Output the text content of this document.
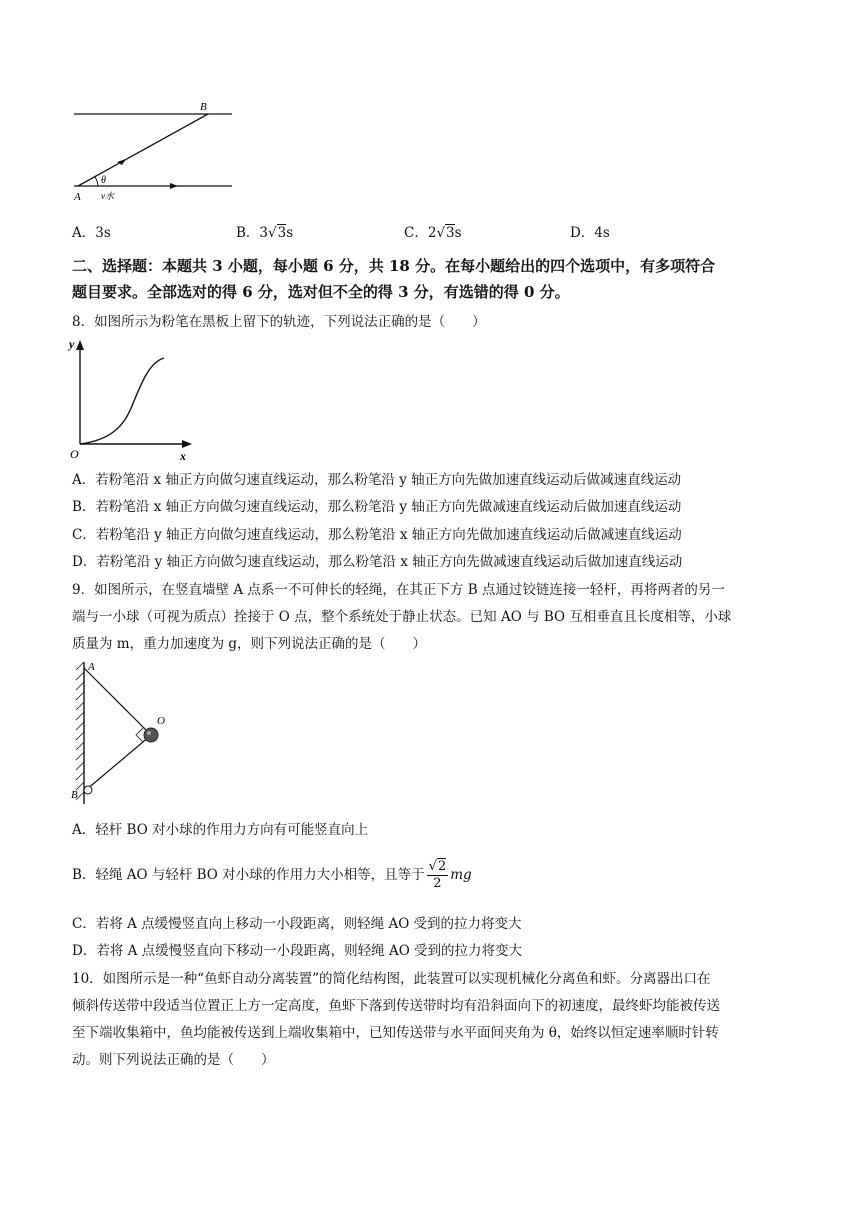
B
A
θ
v水
A．3s	B．3√3s	C．2√3s	D．4s
二、选择题：本题共 3 小题，每小题 6 分，共 18 分。在每小题给出的四个选项中，有多项符合
题目要求。全部选对的得 6 分，选对但不全的得 3 分，有选错的得 0 分。
8．如图所示为粉笔在黑板上留下的轨迹，下列说法正确的是（　　）
y
x
O
A．若粉笔沿 x 轴正方向做匀速直线运动，那么粉笔沿 y 轴正方向先做加速直线运动后做减速直线运动
B．若粉笔沿 x 轴正方向做匀速直线运动，那么粉笔沿 y 轴正方向先做减速直线运动后做加速直线运动
C．若粉笔沿 y 轴正方向做匀速直线运动，那么粉笔沿 x 轴正方向先做加速直线运动后做减速直线运动
D．若粉笔沿 y 轴正方向做匀速直线运动，那么粉笔沿 x 轴正方向先做减速直线运动后做加速直线运动
9．如图所示，在竖直墙壁 A 点系一不可伸长的轻绳，在其正下方 B 点通过铰链连接一轻杆，再将两者的另一
端与一小球（可视为质点）拴接于 O 点，整个系统处于静止状态。已知 AO 与 BO 互相垂直且长度相等，小球
质量为 m，重力加速度为 g，则下列说法正确的是（　　）
A
O
B
A．轻杆 BO 对小球的作用力方向有可能竖直向上
B．轻绳 AO 与轻杆 BO 对小球的作用力大小相等，且等于 $\frac{√2}{2}$ mg
C．若将 A 点缓慢竖直向上移动一小段距离，则轻绳 AO 受到的拉力将变大
D．若将 A 点缓慢竖直向下移动一小段距离，则轻绳 AO 受到的拉力将变大
10．如图所示是一种“鱼虾自动分离装置”的简化结构图，此装置可以实现机械化分离鱼和虾。分离器出口在
倾斜传送带中段适当位置正上方一定高度，鱼虾下落到传送带时均有沿斜面向下的初速度，最终虾均能被传送
至下端收集箱中，鱼均能被传送到上端收集箱中，已知传送带与水平面间夹角为 θ，始终以恒定速率顺时针转
动。则下列说法正确的是（　　）
